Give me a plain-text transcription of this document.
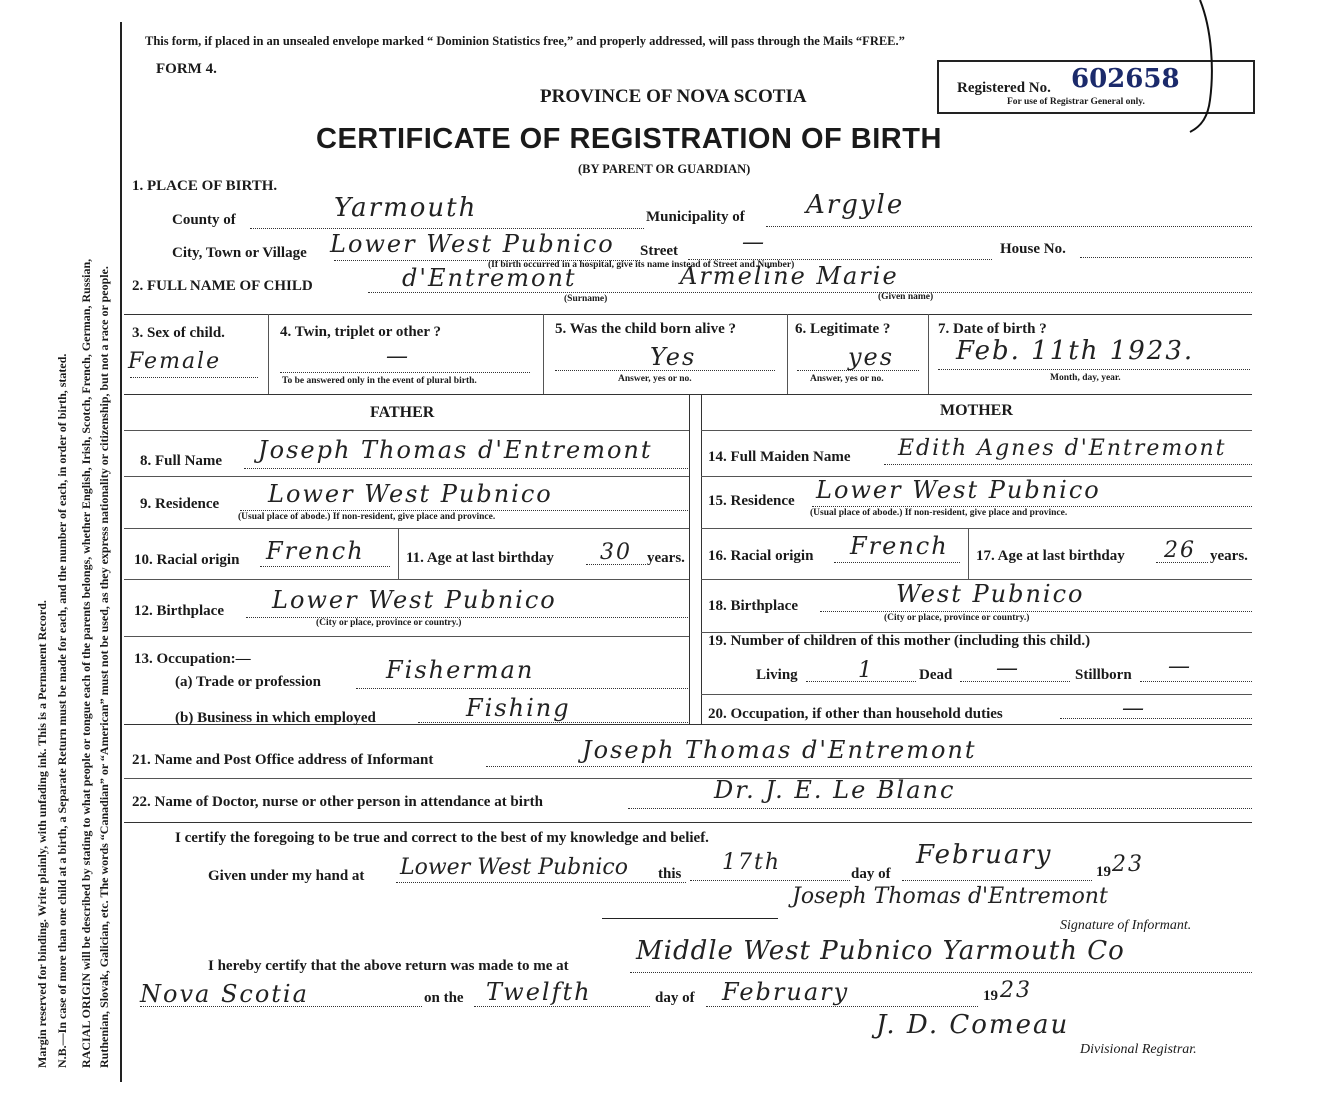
Margin reserved for binding. Write plainly, with unfading ink. This is a Permanent Record. N.B.—In case of more than one child at a birth, a Separate Return must be made for each, and the number of each, in order of birth, stated. RACIAL ORIGIN will be described by stating to what people or tongue each of the parents belongs, whether English, Irish, Scotch, French, German, Russian, Ruthenian, Slovak, Galician, etc. The words “Canadian” or “American” must not be used, as they express nationality or citizenship, but not a race or people.
This form, if placed in an unsealed envelope marked “ Dominion Statistics free,” and properly addressed, will pass through the Mails “FREE.”
FORM 4.
PROVINCE OF NOVA SCOTIA	Registered No. 602658
For use of Registrar General only.
CERTIFICATE OF REGISTRATION OF BIRTH
(BY PARENT OR GUARDIAN)
1. PLACE OF BIRTH.
County of	Yarmouth	Municipality of Argyle
City, Town or Village Lower West Pubnico Street	—	House No.
(If birth occurred in a hospital, give its name instead of Street and Number)
2. FULL NAME OF CHILD	d'Entremont	Armeline Marie
(Surname)	(Given name)
3. Sex of child.
Female
4. Twin, triplet or other ?
—
To be answered only in the event of plural birth.
5. Was the child born alive ?
Yes
Answer, yes or no.
6. Legitimate ?
yes
Answer, yes or no.
7. Date of birth ?
Feb. 11th 1923.
Month, day, year.
FATHER	MOTHER
8. Full Name Joseph Thomas d'Entremont
9. Residence Lower West Pubnico
(Usual place of abode.) If non-resident, give place and province.
10. Racial origin French	11. Age at last birthday 30 years.
12. Birthplace Lower West Pubnico
(City or place, province or country.)
13. Occupation:—
(a) Trade or profession	Fisherman
(b) Business in which employed	Fishing
14. Full Maiden Name Edith Agnes d'Entremont
15. Residence Lower West Pubnico
(Usual place of abode.) If non-resident, give place and province.
16. Racial origin French 17. Age at last birthday 26 years.
18. Birthplace	West Pubnico
(City or place, province or country.)
19. Number of children of this mother (including this child.)
Living	1	Dead —	Stillborn —
20. Occupation, if other than household duties	—
21. Name and Post Office address of Informant	Joseph Thomas d'Entremont
22. Name of Doctor, nurse or other person in attendance at birth	Dr. J. E. Le Blanc
I certify the foregoing to be true and correct to the best of my knowledge and belief.
Given under my hand at Lower West Pubnico this 17th	day of
February
19 23
Joseph Thomas d'Entremont
Signature of Informant.
I hereby certify that the above return was made to me at	Middle West Pubnico Yarmouth Co
Nova Scotia	on the Twelfth	day of February	19 23
J. D. Comeau
Divisional Registrar.
